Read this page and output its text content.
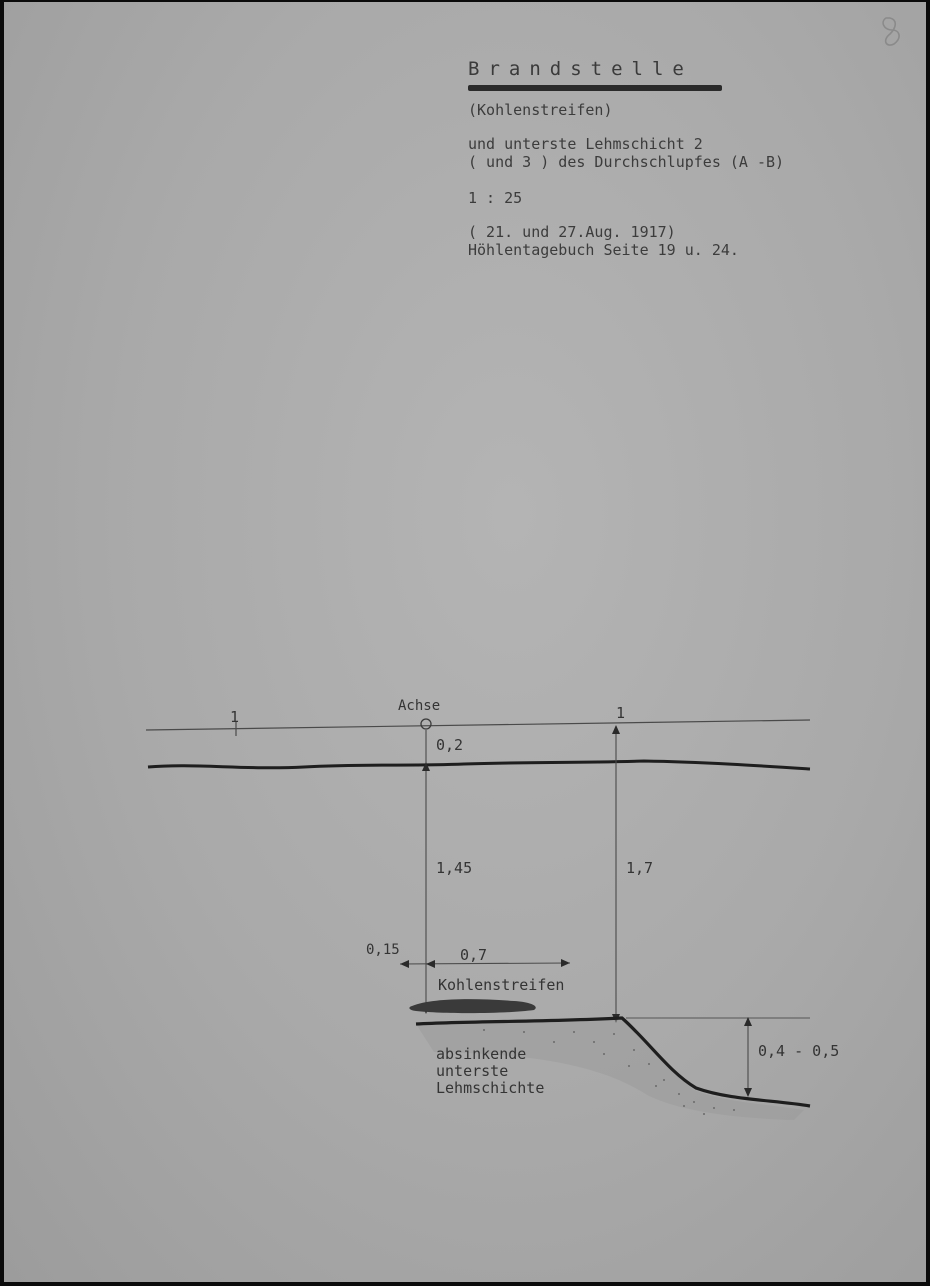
Brandstelle
(Kohlenstreifen)
und unterste Lehmschicht 2
( und 3 ) des Durchschlupfes (A -B)
1 : 25
( 21. und 27.Aug. 1917)
Höhlentagebuch Seite 19 u. 24.
Achse
1	1
0,2
1,45	1,7
0,15	0,7
Kohlenstreifen
0,4 - 0,5
absinkende
unterste
Lehmschichte
